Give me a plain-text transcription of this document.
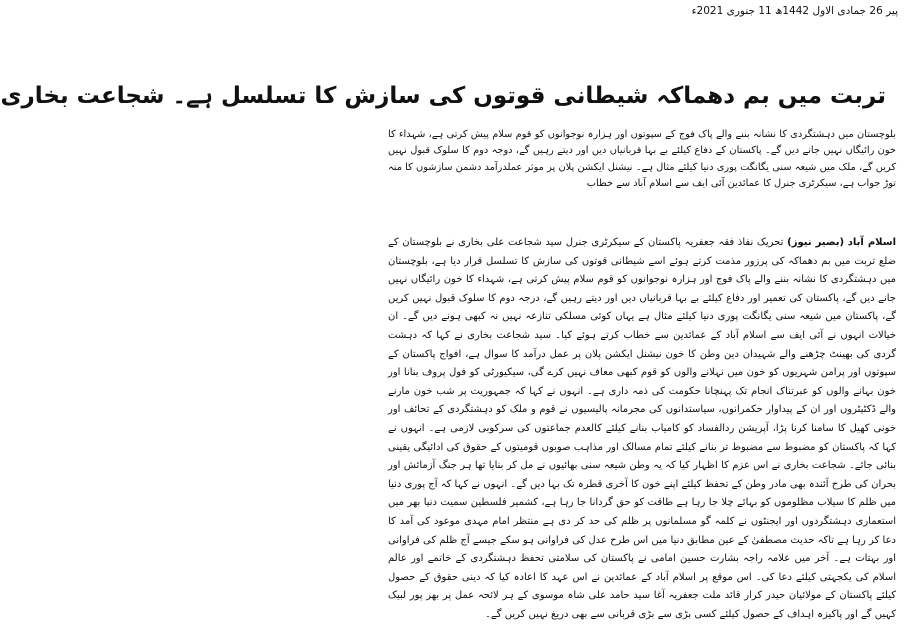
پیر 26 جمادی الاول 1442ھ 11 جنوری 2021ء
تربت میں بم دھماکہ شیطانی قوتوں کی سازش کا تسلسل ہے۔ شجاعت بخاری

بلوچستان میں دہشتگردی کا نشانہ بننے والے پاک فوج کے سپوتوں اور ہزارہ نوجوانوں کو قوم سلام پیش کرتی ہے، شہداء کا خون رائیگاں نہیں جانے دیں گے۔ پاکستان کے دفاع کیلئے بے بہا قربانیاں دیں اور دیتے رہیں گے، دوجہ دوم کا سلوک قبول نہیں کریں گے، ملک میں شیعہ سنی یگانگت پوری دنیا کیلئے مثال ہے۔ نیشنل ایکشن پلان پر موثر عملدرآمد دشمن سازشوں کا منہ توڑ جواب ہے، سیکرٹری جنرل کا عمائدین آئی ایف سے اسلام آباد سے خطاب

اسلام آباد (بصیر نیوز) تحریک نفاذ فقہ جعفریہ پاکستان کے سیکرٹری جنرل سید شجاعت علی بخاری نے بلوچستان کے ضلع تربت میں بم دھماکہ کی پرزور مذمت کرتے ہوئے اسے شیطانی قوتوں کی سازش کا تسلسل قرار دیا ہے، بلوچستان میں دہشتگردی کا نشانہ بننے والے پاک فوج اور ہزارہ نوجوانوں کو قوم سلام پیش کرتی ہے، شہداء کا خون رائیگاں نہیں جانے دیں گے، پاکستان کی تعمیر اور دفاع کیلئے بے بہا قربانیاں دیں اور دیتے رہیں گے، درجہ دوم کا سلوک قبول نہیں کریں گے، پاکستان میں شیعہ سنی یگانگت پوری دنیا کیلئے مثال ہے یہاں کوئی مسلکی تنازعہ نہیں نہ کبھی ہونے دیں گے۔ ان خیالات انہوں نے آئی ایف سے اسلام آباد کے عمائدین سے خطاب کرتے ہوئے کیا۔ سید شجاعت بخاری نے کہا کہ دہشت گردی کی بھینٹ چڑھنے والے شہیدان دین وطن کا خون نیشنل ایکشن پلان پر عمل درآمد کا سوال ہے، افواج پاکستان کے سپوتوں اور پرامن شہریوں کو خون میں نہلانے والوں کو قوم کبھی معاف نہیں کرے گی، سیکیورٹی کو فول پروف بنانا اور خون بہانے والوں کو عبرتناک انجام تک پہنچانا حکومت کی ذمہ داری ہے۔ انہوں نے کہا کہ جمہوریت پر شب خون مارنے والے ڈکٹیٹروں اور ان کے پیداوار حکمرانوں، سیاستدانوں کی مجرمانہ پالیسیوں نے قوم و ملک کو دہشتگردی کے تحائف اور خونی کھیل کا سامنا کرنا پڑا، آپریشن ردالفساد کو کامیاب بنانے کیلئے کالعدم جماعتوں کی سرکوبی لازمی ہے۔ انہوں نے کہا کہ پاکستان کو مضبوط سے مضبوط تر بنانے کیلئے تمام مسالک اور مذاہب صوبوں قومیتوں کے حقوق کی ادائیگی یقینی بنائی جائے۔ شجاعت بخاری نے اس عزم کا اظہار کیا کہ یہ وطن شیعہ سنی بھائیوں نے مل کر بنایا تھا ہر جنگ آزمائش اور بحران کی طرح آئندہ بھی مادر وطن کے تحفظ کیلئے اپنے خون کا آخری قطرہ تک بہا دیں گے۔ انہوں نے کہا کہ آج پوری دنیا میں ظلم کا سیلاب مظلوموں کو بہائے چلا جا رہا ہے طاقت کو حق گردانا جا رہا ہے، کشمیر فلسطین سمیت دنیا بھر میں استعماری دہشتگردوں اور ایجنٹوں نے کلمہ گو مسلمانوں پر ظلم کی حد کر دی ہے منتظر امام مہدی موعود کی آمد کا دعا کر رہا ہے تاکہ حدیث مصطفیٰ کے عین مطابق دنیا میں اس طرح عدل کی فراوانی ہو سکے جیسے آج ظلم کی فراوانی اور بہتات ہے۔ آخر میں علامہ راجہ بشارت حسین امامی نے پاکستان کی سلامتی تحفظ دہشتگردی کے خاتمے اور عالم اسلام کی یکجہتی کیلئے دعا کی۔ اس موقع پر اسلام آباد کے عمائدین نے اس عہد کا اعادہ کیا کہ دینی حقوق کے حصول کیلئے پاکستان کے مولائیان حیدر کرار قائد ملت جعفریہ آغا سید حامد علی شاہ موسوی کے ہر لائحہ عمل پر بھر پور لبیک کہیں گے اور پاکیزہ اہداف کے حصول کیلئے کسی بڑی سے بڑی قربانی سے بھی دریغ نہیں کریں گے۔
